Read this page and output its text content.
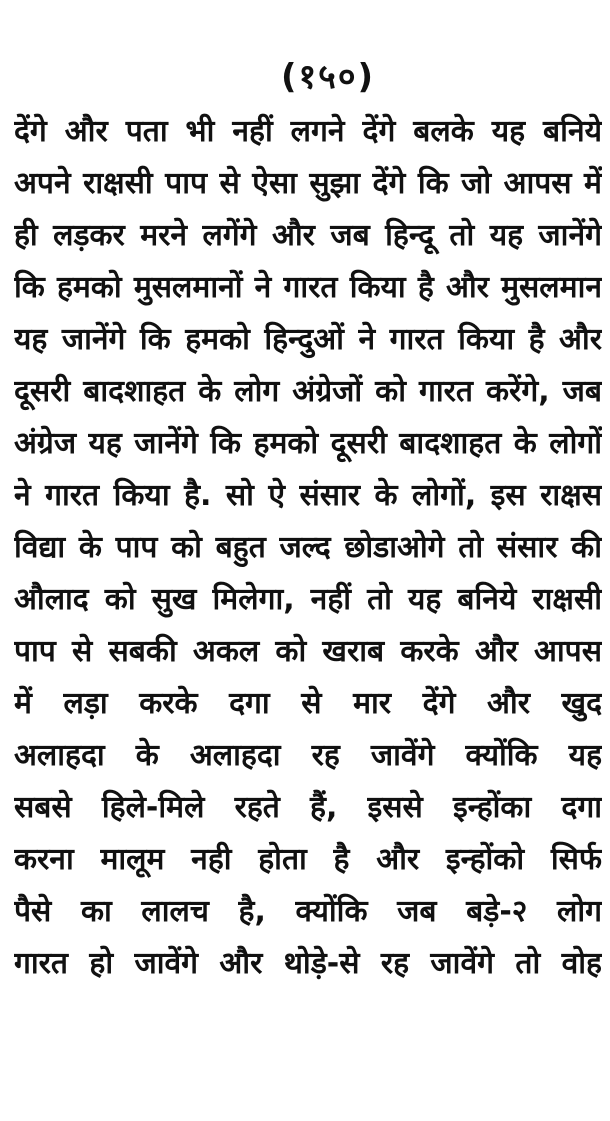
(१५०)
देंगे और पता भी नहीं लगने देंगे बलके यह बनिये
अपने राक्षसी पाप से ऐसा सुझा देंगे कि जो आपस में
ही लड़कर मरने लगेंगे और जब हिन्दू तो यह जानेंगे
कि हमको मुसलमानों ने गारत किया है और मुसलमान
यह जानेंगे कि हमको हिन्दुओं ने गारत किया है और
दूसरी बादशाहत के लोग अंग्रेजों को गारत करेंगे, जब
अंग्रेज यह जानेंगे कि हमको दूसरी बादशाहत के लोगों
ने गारत किया है. सो ऐ संसार के लोगों, इस राक्षस
विद्या के पाप को बहुत जल्द छोडाओगे तो संसार की
औलाद को सुख मिलेगा, नहीं तो यह बनिये राक्षसी
पाप से सबकी अकल को खराब करके और आपस
में लड़ा करके दगा से मार देंगे और खुद
अलाहदा के अलाहदा रह जावेंगे क्योंकि यह
सबसे हिले-मिले रहते हैं, इससे इन्होंका दगा
करना मालूम नही होता है और इन्होंको सिर्फ
पैसे का लालच है, क्योंकि जब बड़े-२ लोग
गारत हो जावेंगे और थोड़े-से रह जावेंगे तो वोह
